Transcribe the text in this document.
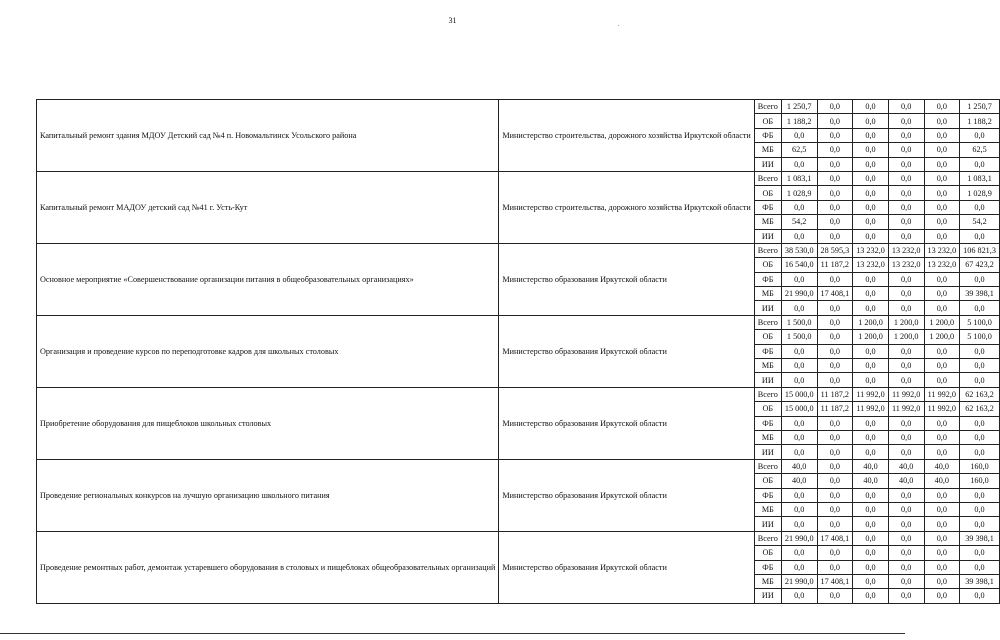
31	.
Капитальный ремонт здания МДОУ Детский сад №4 п. Новомальтинск Усольского района	Министерство строительства, дорожного хозяйства Иркутской области	Всего	1 250,7	0,0	0,0	0,0	0,0	1 250,7
		ОБ	1 188,2	0,0	0,0	0,0	0,0	1 188,2
		ФБ	0,0	0,0	0,0	0,0	0,0	0,0
		МБ	62,5	0,0	0,0	0,0	0,0	62,5
		ИИ	0,0	0,0	0,0	0,0	0,0	0,0
Капитальный ремонт МАДОУ детский сад №41 г. Усть-Кут	Министерство строительства, дорожного хозяйства Иркутской области	Всего	1 083,1	0,0	0,0	0,0	0,0	1 083,1
		ОБ	1 028,9	0,0	0,0	0,0	0,0	1 028,9
		ФБ	0,0	0,0	0,0	0,0	0,0	0,0
		МБ	54,2	0,0	0,0	0,0	0,0	54,2
		ИИ	0,0	0,0	0,0	0,0	0,0	0,0
Основное мероприятие «Совершенствование организации питания в общеобразовательных организациях»	Министерство образования Иркутской области	Всего	38 530,0	28 595,3	13 232,0	13 232,0	13 232,0	106 821,3
		ОБ	16 540,0	11 187,2	13 232,0	13 232,0	13 232,0	67 423,2
		ФБ	0,0	0,0	0,0	0,0	0,0	0,0
		МБ	21 990,0	17 408,1	0,0	0,0	0,0	39 398,1
		ИИ	0,0	0,0	0,0	0,0	0,0	0,0
Организация и проведение курсов по переподготовке кадров для школьных столовых	Министерство образования Иркутской области	Всего	1 500,0	0,0	1 200,0	1 200,0	1 200,0	5 100,0
		ОБ	1 500,0	0,0	1 200,0	1 200,0	1 200,0	5 100,0
		ФБ	0,0	0,0	0,0	0,0	0,0	0,0
		МБ	0,0	0,0	0,0	0,0	0,0	0,0
		ИИ	0,0	0,0	0,0	0,0	0,0	0,0
Приобретение оборудования для пищеблоков школьных столовых	Министерство образования Иркутской области	Всего	15 000,0	11 187,2	11 992,0	11 992,0	11 992,0	62 163,2
		ОБ	15 000,0	11 187,2	11 992,0	11 992,0	11 992,0	62 163,2
		ФБ	0,0	0,0	0,0	0,0	0,0	0,0
		МБ	0,0	0,0	0,0	0,0	0,0	0,0
		ИИ	0,0	0,0	0,0	0,0	0,0	0,0
Проведение региональных конкурсов на лучшую организацию школьного питания	Министерство образования Иркутской области	Всего	40,0	0,0	40,0	40,0	40,0	160,0
		ОБ	40,0	0,0	40,0	40,0	40,0	160,0
		ФБ	0,0	0,0	0,0	0,0	0,0	0,0
		МБ	0,0	0,0	0,0	0,0	0,0	0,0
		ИИ	0,0	0,0	0,0	0,0	0,0	0,0
Проведение ремонтных работ, демонтаж устаревшего оборудования в столовых и пищеблоках общеобразовательных организаций	Министерство образования Иркутской области	Всего	21 990,0	17 408,1	0,0	0,0	0,0	39 398,1
		ОБ	0,0	0,0	0,0	0,0	0,0	0,0
		ФБ	0,0	0,0	0,0	0,0	0,0	0,0
		МБ	21 990,0	17 408,1	0,0	0,0	0,0	39 398,1
		ИИ	0,0	0,0	0,0	0,0	0,0	0,0
